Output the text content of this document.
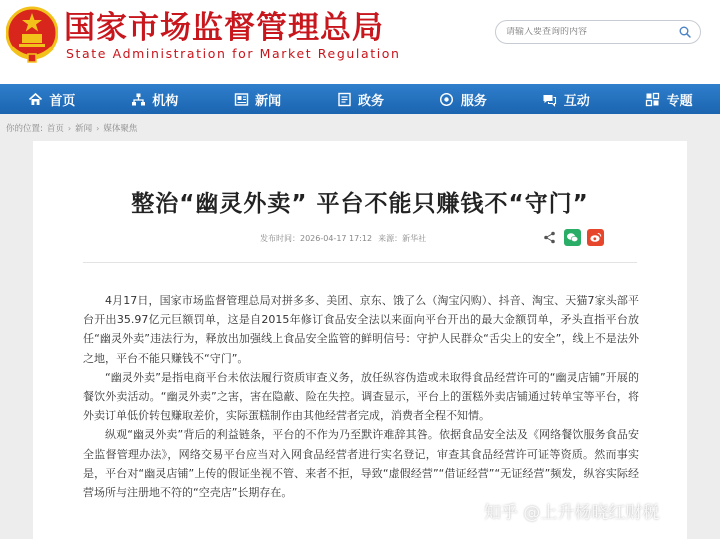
国家市场监督管理总局
State Administration for Market Regulation
请输入要查询的内容
首页	机构	新闻	政务	服务	互动	专题
你的位置: 首页 › 新闻 › 媒体聚焦
整治“幽灵外卖” 平台不能只赚钱不“守门”
发布时间：2026-04-17 17:12 来源：新华社

4月17日，国家市场监督管理总局对拼多多、美团、京东、饿了么（淘宝闪购）、抖音、淘宝、天猫7家头部平台开出35.97亿元巨额罚单，这是自2015年修订食品安全法以来面向平台开出的最大金额罚单，矛头直指平台放任“幽灵外卖”违法行为，释放出加强线上食品安全监管的鲜明信号：守护人民群众“舌尖上的安全”，线上不是法外之地，平台不能只赚钱不“守门”。

“幽灵外卖”是指电商平台未依法履行资质审查义务，放任纵容伪造或未取得食品经营许可的“幽灵店铺”开展的餐饮外卖活动。“幽灵外卖”之害，害在隐蔽、险在失控。调查显示，平台上的蛋糕外卖店铺通过转单宝等平台，将外卖订单低价转包赚取差价，实际蛋糕制作由其他经营者完成，消费者全程不知情。

纵观“幽灵外卖”背后的利益链条，平台的不作为乃至默许难辞其咎。依据食品安全法及《网络餐饮服务食品安全监督管理办法》，网络交易平台应当对入网食品经营者进行实名登记，审查其食品经营许可证等资质。然而事实是，平台对“幽灵店铺”上传的假证坐视不管、来者不拒，导致“虚假经营”“借证经营”“无证经营”频发，纵容实际经营场所与注册地不符的“空壳店”长期存在。

知乎 @上升杨晓红财税
